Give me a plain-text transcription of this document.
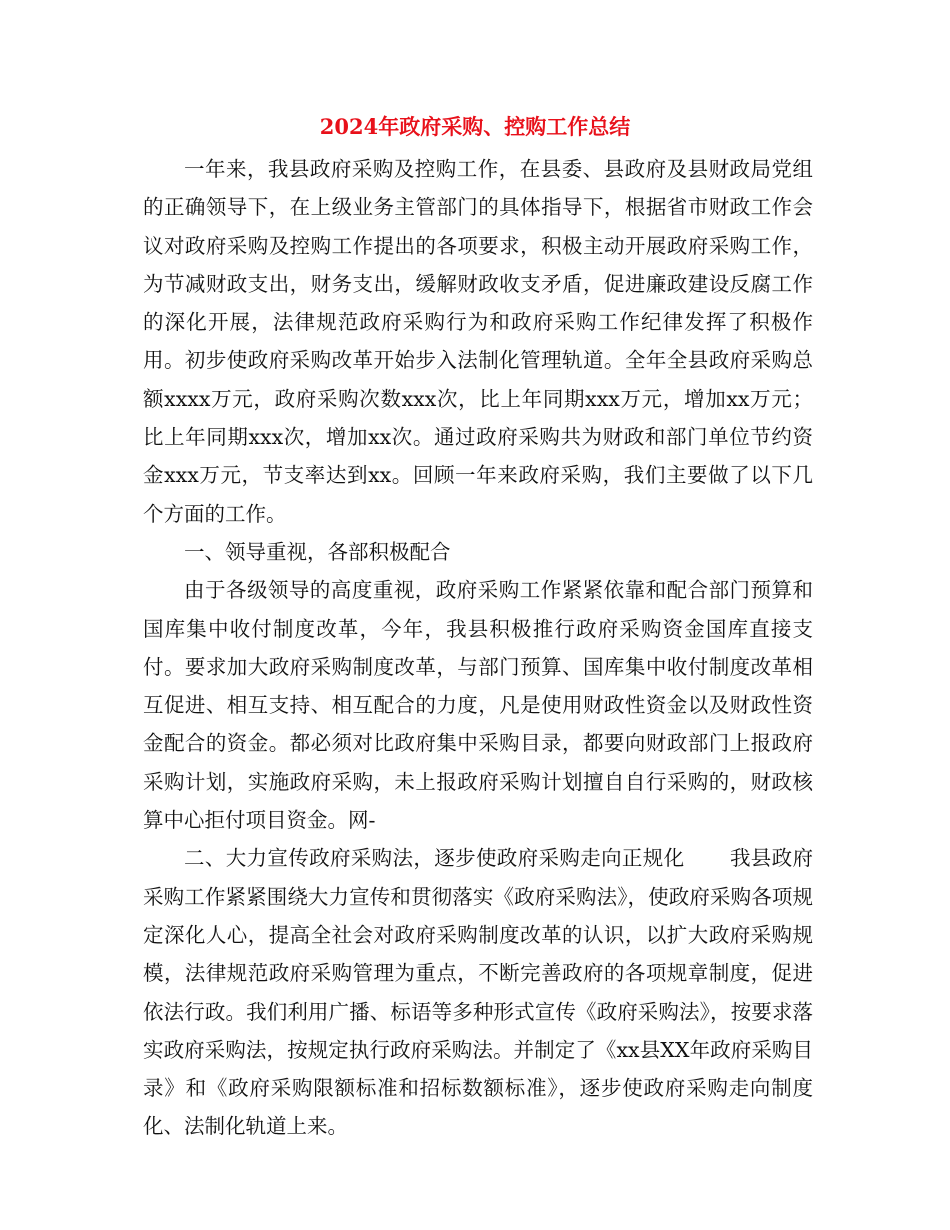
2024年政府采购、控购工作总结

一年来，我县政府采购及控购工作，在县委、县政府及县财政局党组的正确领导下，在上级业务主管部门的具体指导下，根据省市财政工作会议对政府采购及控购工作提出的各项要求，积极主动开展政府采购工作，为节减财政支出，财务支出，缓解财政收支矛盾，促进廉政建设反腐工作的深化开展，法律规范政府采购行为和政府采购工作纪律发挥了积极作用。初步使政府采购改革开始步入法制化管理轨道。全年全县政府采购总额xxxx万元，政府采购次数xxx次，比上年同期xxx万元，增加xx万元；比上年同期xxx次，增加xx次。通过政府采购共为财政和部门单位节约资金xxx万元，节支率达到xx。回顾一年来政府采购，我们主要做了以下几个方面的工作。

一、领导重视，各部积极配合

由于各级领导的高度重视，政府采购工作紧紧依靠和配合部门预算和国库集中收付制度改革，今年，我县积极推行政府采购资金国库直接支付。要求加大政府采购制度改革，与部门预算、国库集中收付制度改革相互促进、相互支持、相互配合的力度，凡是使用财政性资金以及财政性资金配合的资金。都必须对比政府集中采购目录，都要向财政部门上报政府采购计划，实施政府采购，未上报政府采购计划擅自自行采购的，财政核算中心拒付项目资金。网-

二、大力宣传政府采购法，逐步使政府采购走向正规化 我县政府采购工作紧紧围绕大力宣传和贯彻落实《政府采购法》，使政府采购各项规定深化人心，提高全社会对政府采购制度改革的认识，以扩大政府采购规模，法律规范政府采购管理为重点，不断完善政府的各项规章制度，促进依法行政。我们利用广播、标语等多种形式宣传《政府采购法》，按要求落实政府采购法，按规定执行政府采购法。并制定了《xx县XX年政府采购目录》和《政府采购限额标准和招标数额标准》，逐步使政府采购走向制度化、法制化轨道上来。
